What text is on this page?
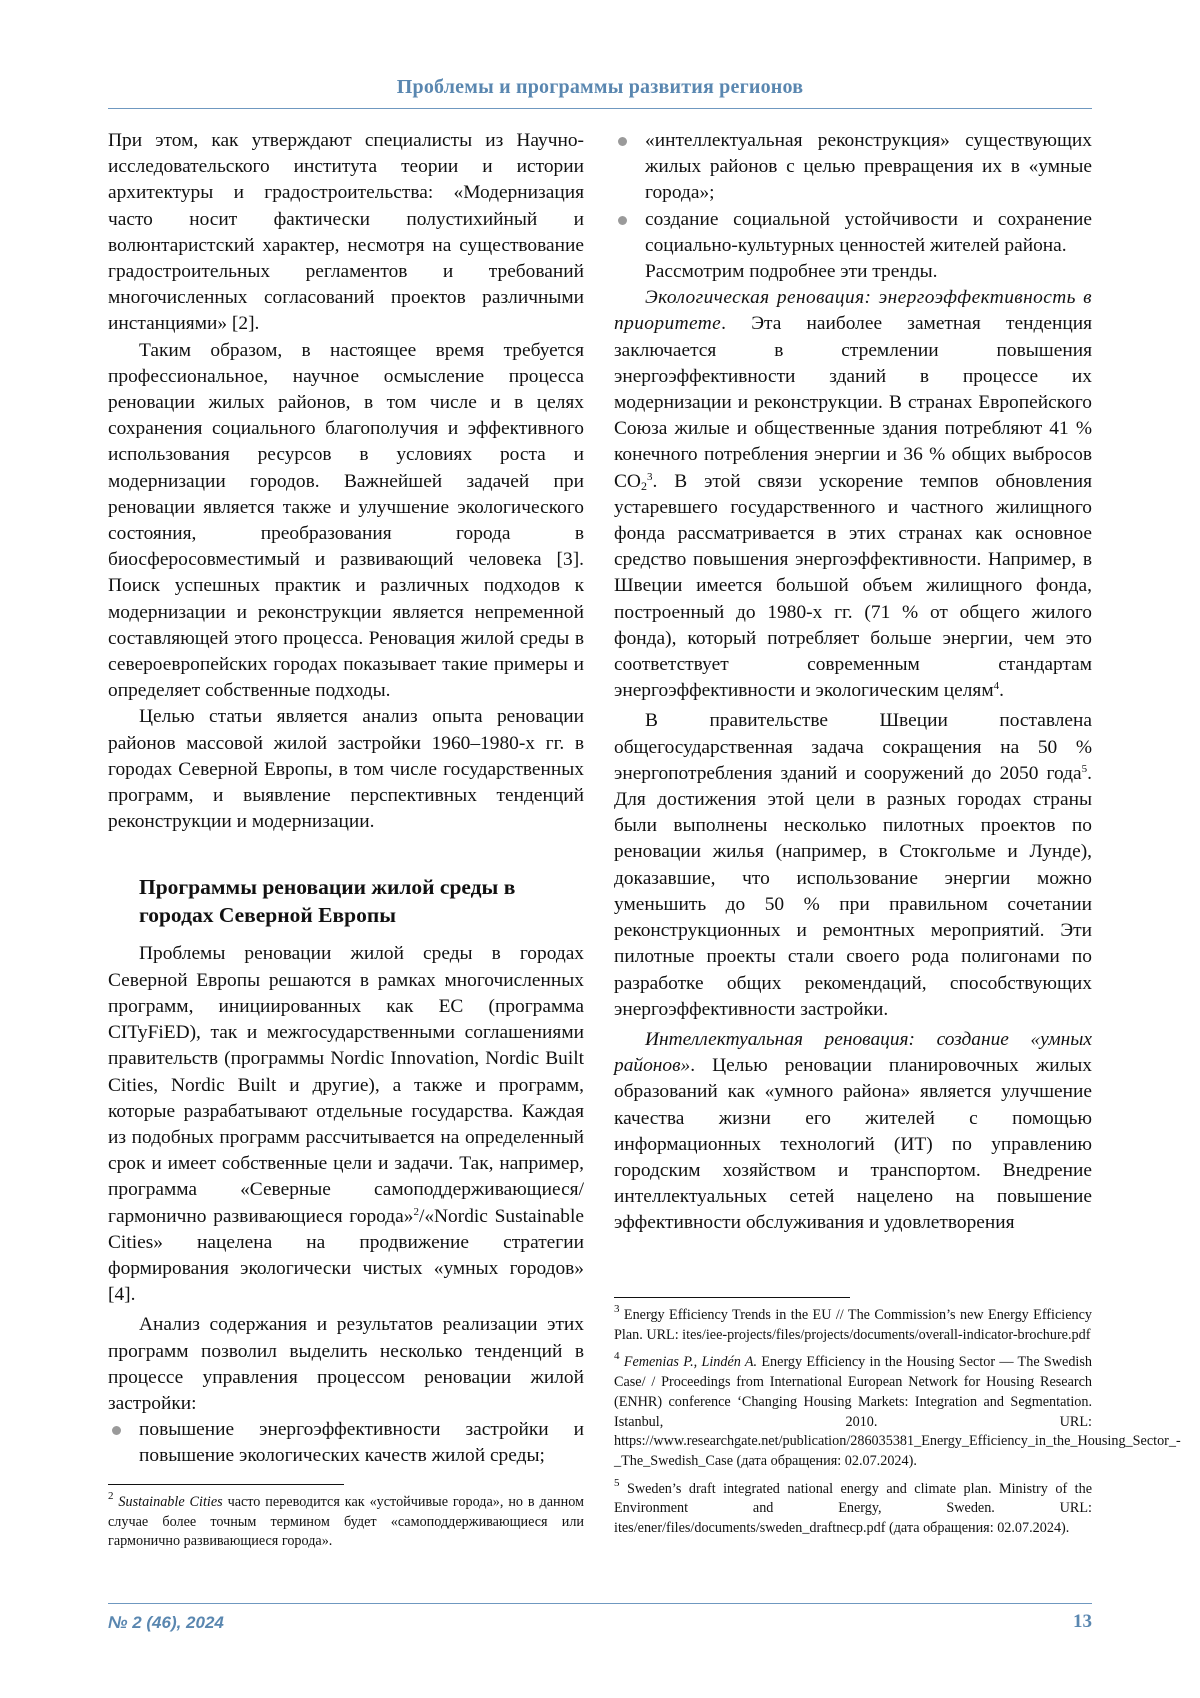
Проблемы и программы развития регионов

При этом, как утверждают специалисты из Научно-исследовательского института теории и истории архитектуры и градостроительства: «Модернизация часто носит фактически полустихийный и волюнтаристский характер, несмотря на существование градостроительных регламентов и требований многочисленных согласований проектов различными инстанциями» [2].

Таким образом, в настоящее время требуется профессиональное, научное осмысление процесса реновации жилых районов, в том числе и в целях сохранения социального благополучия и эффективного использования ресурсов в условиях роста и модернизации городов. Важнейшей задачей при реновации является также и улучшение экологического состояния, преобразования города в биосферосовместимый и развивающий человека [3]. Поиск успешных практик и различных подходов к модернизации и реконструкции является непременной составляющей этого процесса. Реновация жилой среды в североевропейских городах показывает такие примеры и определяет собственные подходы.

Целью статьи является анализ опыта реновации районов массовой жилой застройки 1960–1980-х гг. в городах Северной Европы, в том числе государственных программ, и выявление перспективных тенденций реконструкции и модернизации.

Программы реновации жилой среды в городах Северной Европы

Проблемы реновации жилой среды в городах Северной Европы решаются в рамках многочисленных программ, инициированных как ЕС (программа CITyFiED), так и межгосударственными соглашениями правительств (программы Nordic Innovation, Nordic Built Cities, Nordic Built и другие), а также и программ, которые разрабатывают отдельные государства. Каждая из подобных программ рассчитывается на определенный срок и имеет собственные цели и задачи. Так, например, программа «Северные самоподдерживающиеся/гармонично развивающиеся города»$^2$/«Nordic Sustainable Cities» нацелена на продвижение стратегии формирования экологически чистых «умных городов» [4].

Анализ содержания и результатов реализации этих программ позволил выделить несколько тенденций в процессе управления процессом реновации жилой застройки:

повышение энергоэффективности застройки и повышение экологических качеств жилой среды;

$^2$ Sustainable Cities часто переводится как «устойчивые города», но в данном случае более точным термином будет «самоподдерживающиеся или гармонично развивающиеся города».

«интеллектуальная реконструкция» существующих жилых районов с целью превращения их в «умные города»;
создание социальной устойчивости и сохранение социально-культурных ценностей жителей района.

Рассмотрим подробнее эти тренды.

Экологическая реновация: энергоэффективность в приоритете. Эта наиболее заметная тенденция заключается в стремлении повышения энергоэффективности зданий в процессе их модернизации и реконструкции. В странах Европейского Союза жилые и общественные здания потребляют 41 % конечного потребления энергии и 36 % общих выбросов $CO_2^3$. В этой связи ускорение темпов обновления устаревшего государственного и частного жилищного фонда рассматривается в этих странах как основное средство повышения энергоэффективности. Например, в Швеции имеется большой объем жилищного фонда, построенный до 1980-х гг. (71 % от общего жилого фонда), который потребляет больше энергии, чем это соответствует современным стандартам энергоэффективности и экологическим целям$^4$.

В правительстве Швеции поставлена общегосударственная задача сокращения на 50 % энергопотребления зданий и сооружений до 2050 года$^5$. Для достижения этой цели в разных городах страны были выполнены несколько пилотных проектов по реновации жилья (например, в Стокгольме и Лунде), доказавшие, что использование энергии можно уменьшить до 50 % при правильном сочетании реконструкционных и ремонтных мероприятий. Эти пилотные проекты стали своего рода полигонами по разработке общих рекомендаций, способствующих энергоэффективности застройки.

Интеллектуальная реновация: создание «умных районов». Целью реновации планировочных жилых образований как «умного района» является улучшение качества жизни его жителей с помощью информационных технологий (ИТ) по управлению городским хозяйством и транспортом. Внедрение интеллектуальных сетей нацелено на повышение эффективности обслуживания и удовлетворения

$^3$ Energy Efficiency Trends in the EU // The Commission’s new Energy Efficiency Plan. URL: ites/iee-projects/files/projects/documents/overall-indicator-brochure.pdf

$^4$ Femenias P., Lindén A. Energy Efficiency in the Housing Sector — The Swedish Case/ / Proceedings from International European Network for Housing Research (ENHR) conference ‘Changing Housing Markets: Integration and Segmentation. Istanbul, 2010. URL: https://www.researchgate.net/publication/286035381_Energy_Efficiency_in_the_Housing_Sector_-_The_Swedish_Case (дата обращения: 02.07.2024).

$^5$ Sweden’s draft integrated national energy and climate plan. Ministry of the Environment and Energy, Sweden. URL: ites/ener/files/documents/sweden_draftnecp.pdf (дата обращения: 02.07.2024).

№ 2 (46), 2024	13
